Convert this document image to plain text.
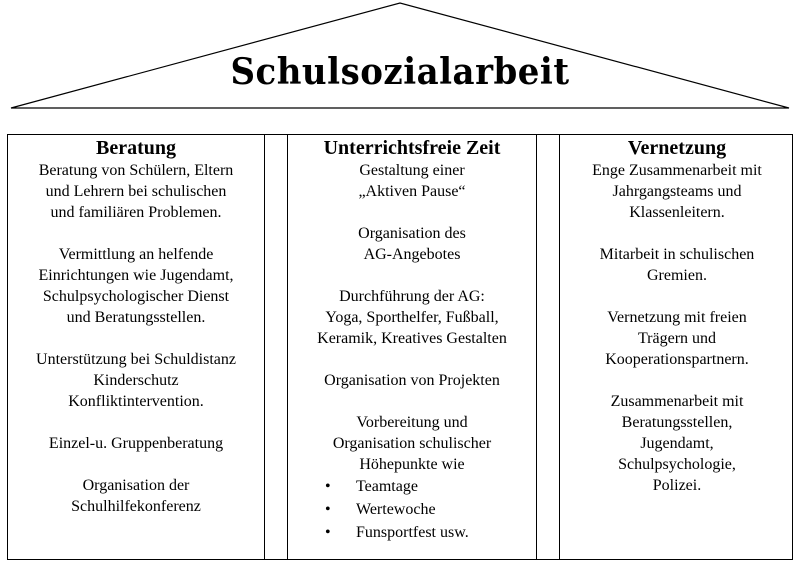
Schulsozialarbeit
Beratung

Beratung von Schülern, Eltern

und Lehrern bei schulischen

und familiären Problemen.

Vermittlung an helfende

Einrichtungen wie Jugendamt,

Schulpsychologischer Dienst

und Beratungsstellen.

Unterstützung bei Schuldistanz

Kinderschutz

Konfliktintervention.

Einzel-u. Gruppenberatung

Organisation der

Schulhilfekonferenz

Unterrichtsfreie Zeit

Gestaltung einer

„Aktiven Pause“

Organisation des

AG-Angebotes

Durchführung der AG:

Yoga, Sporthelfer, Fußball,

Keramik, Kreatives Gestalten

Organisation von Projekten

Vorbereitung und

Organisation schulischer

Höhepunkte wie

• Teamtage
• Wertewoche
• Funsportfest usw.
Vernetzung

Enge Zusammenarbeit mit

Jahrgangsteams und

Klassenleitern.

Mitarbeit in schulischen

Gremien.

Vernetzung mit freien

Trägern und

Kooperationspartnern.

Zusammenarbeit mit

Beratungsstellen,

Jugendamt,

Schulpsychologie,

Polizei.
